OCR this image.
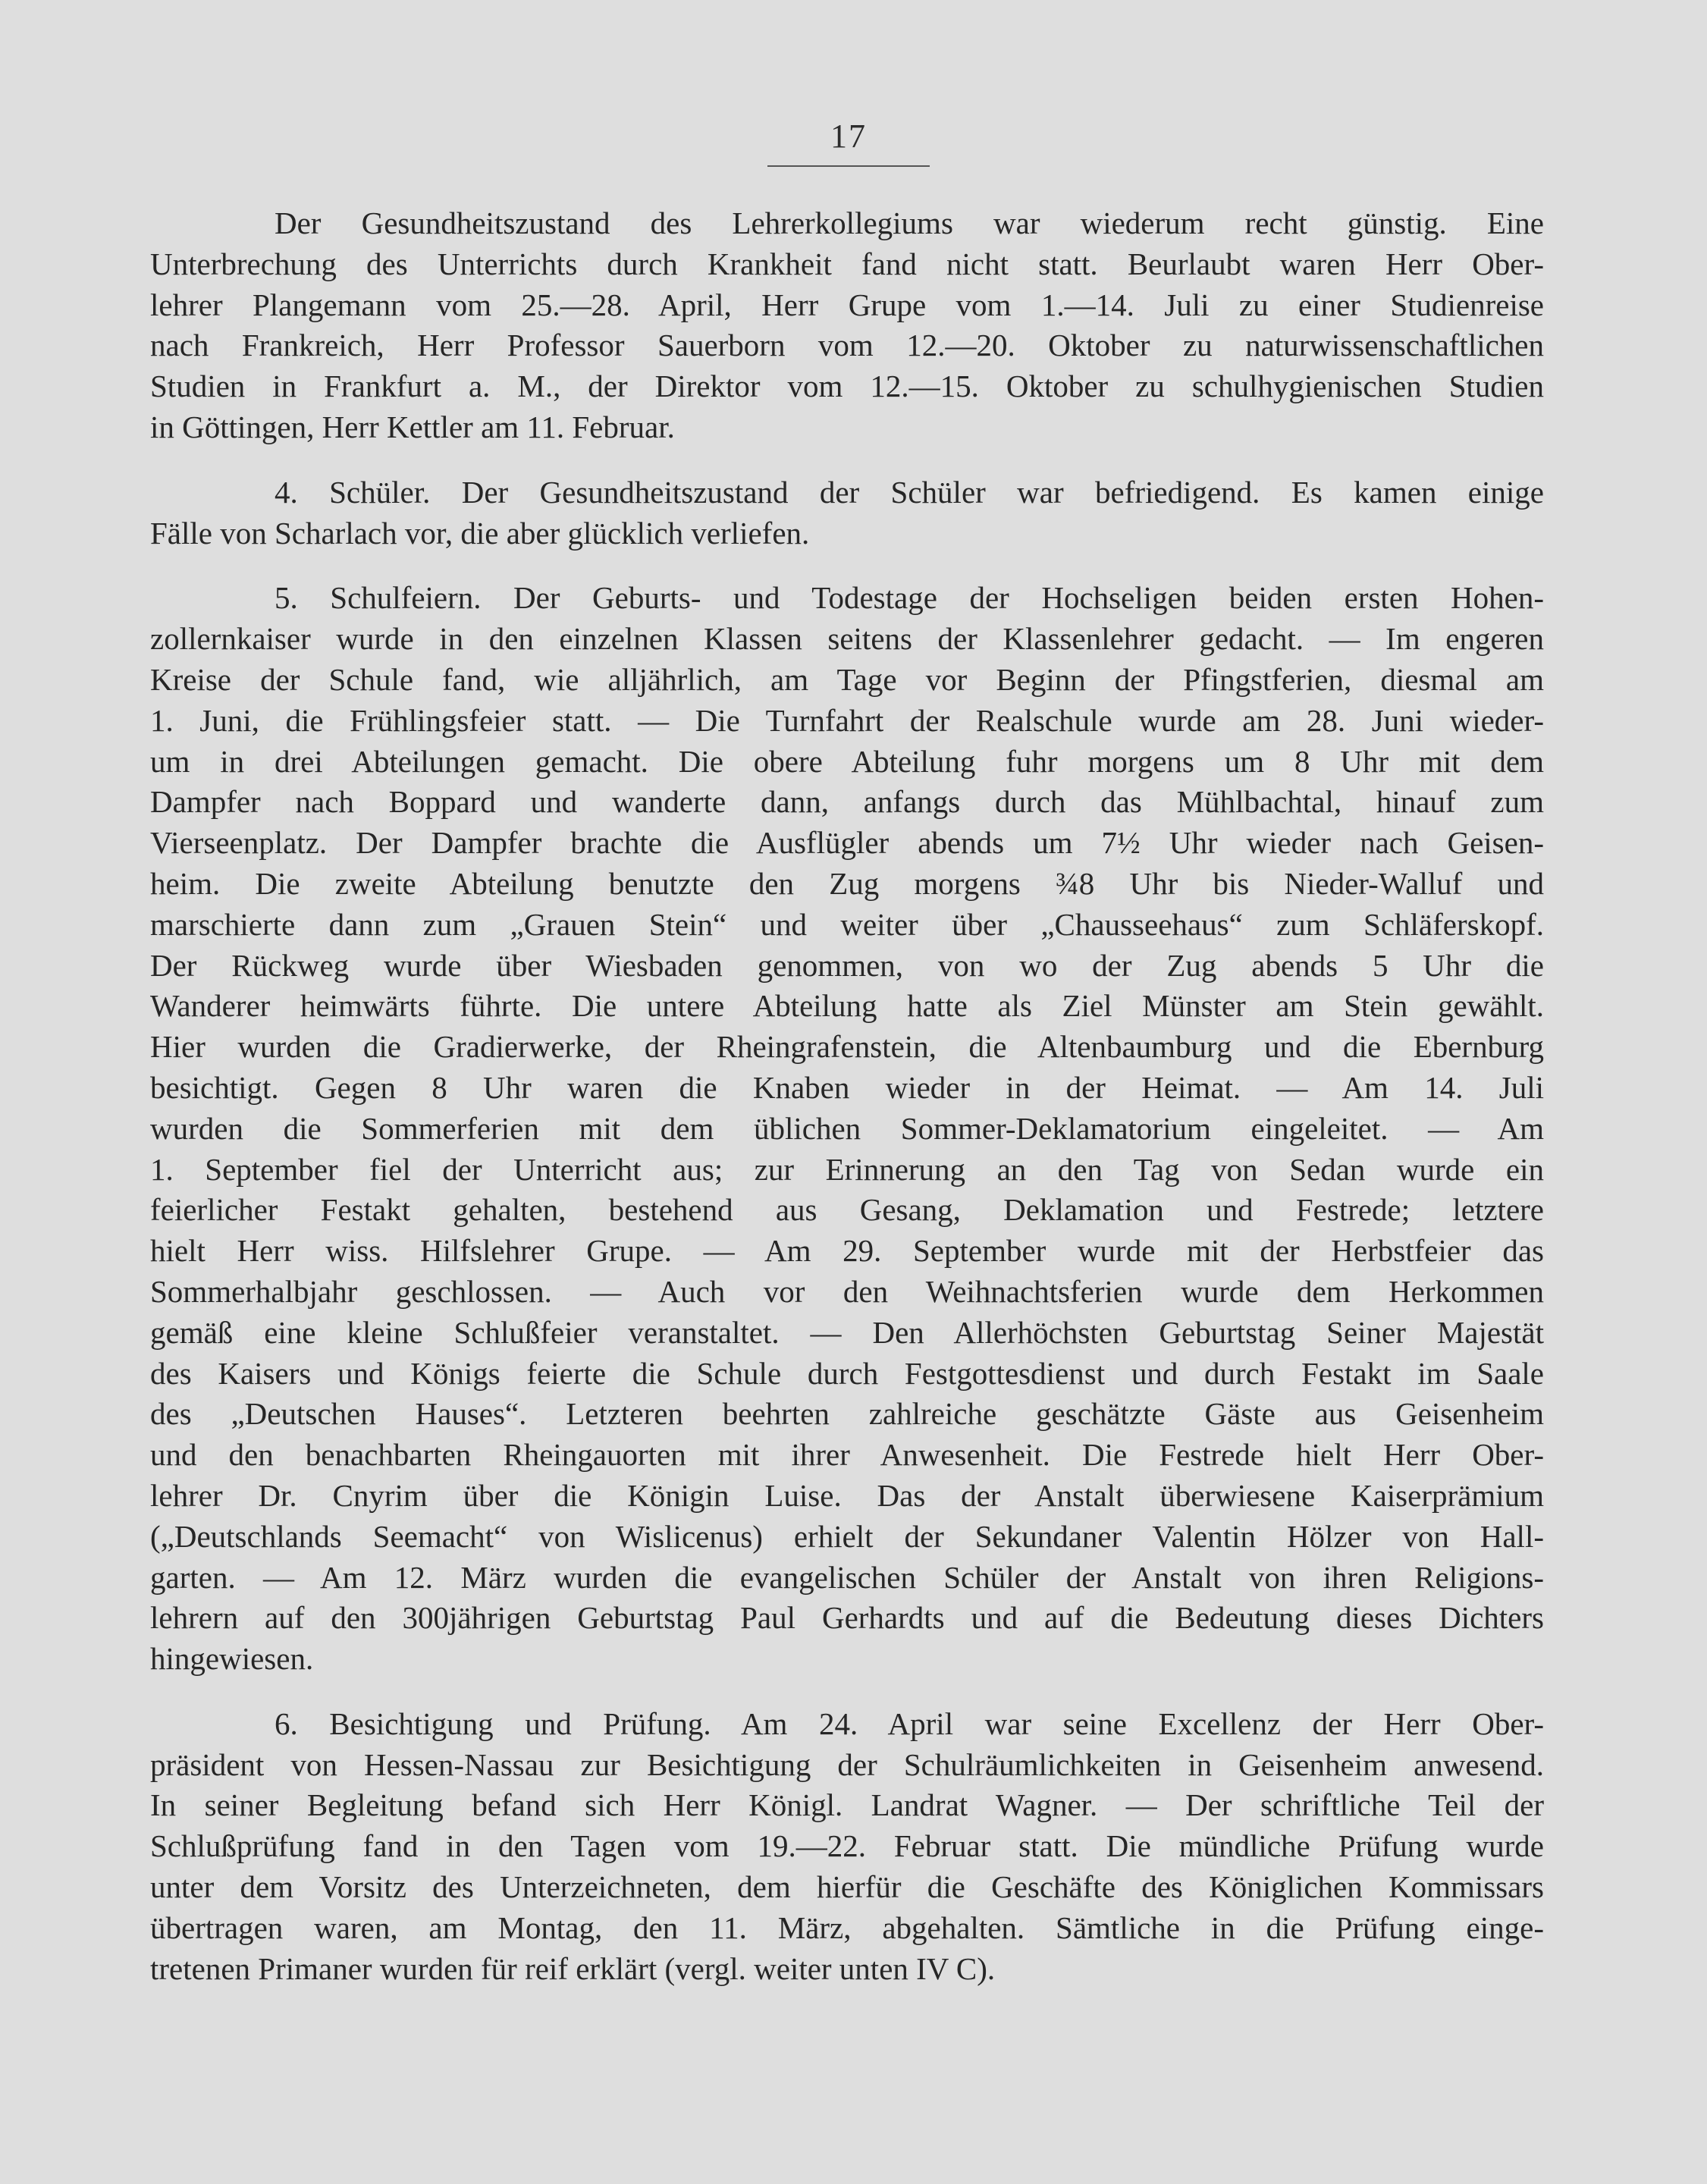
17
Der Gesundheitszustand des Lehrerkollegiums war wiederum recht günstig. Eine
Unterbrechung des Unterrichts durch Krankheit fand nicht statt. Beurlaubt waren Herr Ober-
lehrer Plangemann vom 25.—28. April, Herr Grupe vom 1.—14. Juli zu einer Studienreise
nach Frankreich, Herr Professor Sauerborn vom 12.—20. Oktober zu naturwissenschaftlichen
Studien in Frankfurt a. M., der Direktor vom 12.—15. Oktober zu schulhygienischen Studien
in Göttingen, Herr Kettler am 11. Februar.
4. Schüler. Der Gesundheitszustand der Schüler war befriedigend. Es kamen einige
Fälle von Scharlach vor, die aber glücklich verliefen.
5. Schulfeiern. Der Geburts- und Todestage der Hochseligen beiden ersten Hohen-
zollernkaiser wurde in den einzelnen Klassen seitens der Klassenlehrer gedacht. — Im engeren
Kreise der Schule fand, wie alljährlich, am Tage vor Beginn der Pfingstferien, diesmal am
1. Juni, die Frühlingsfeier statt. — Die Turnfahrt der Realschule wurde am 28. Juni wieder-
um in drei Abteilungen gemacht. Die obere Abteilung fuhr morgens um 8 Uhr mit dem
Dampfer nach Boppard und wanderte dann, anfangs durch das Mühlbachtal, hinauf zum
Vierseenplatz. Der Dampfer brachte die Ausflügler abends um 7½ Uhr wieder nach Geisen-
heim. Die zweite Abteilung benutzte den Zug morgens ¾8 Uhr bis Nieder-Walluf und
marschierte dann zum „Grauen Stein“ und weiter über „Chausseehaus“ zum Schläferskopf.
Der Rückweg wurde über Wiesbaden genommen, von wo der Zug abends 5 Uhr die
Wanderer heimwärts führte. Die untere Abteilung hatte als Ziel Münster am Stein gewählt.
Hier wurden die Gradierwerke, der Rheingrafenstein, die Altenbaumburg und die Ebernburg
besichtigt. Gegen 8 Uhr waren die Knaben wieder in der Heimat. — Am 14. Juli
wurden die Sommerferien mit dem üblichen Sommer-Deklamatorium eingeleitet. — Am
1. September fiel der Unterricht aus; zur Erinnerung an den Tag von Sedan wurde ein
feierlicher Festakt gehalten, bestehend aus Gesang, Deklamation und Festrede; letztere
hielt Herr wiss. Hilfslehrer Grupe. — Am 29. September wurde mit der Herbstfeier das
Sommerhalbjahr geschlossen. — Auch vor den Weihnachtsferien wurde dem Herkommen
gemäß eine kleine Schlußfeier veranstaltet. — Den Allerhöchsten Geburtstag Seiner Majestät
des Kaisers und Königs feierte die Schule durch Festgottesdienst und durch Festakt im Saale
des „Deutschen Hauses“. Letzteren beehrten zahlreiche geschätzte Gäste aus Geisenheim
und den benachbarten Rheingauorten mit ihrer Anwesenheit. Die Festrede hielt Herr Ober-
lehrer Dr. Cnyrim über die Königin Luise. Das der Anstalt überwiesene Kaiserprämium
(„Deutschlands Seemacht“ von Wislicenus) erhielt der Sekundaner Valentin Hölzer von Hall-
garten. — Am 12. März wurden die evangelischen Schüler der Anstalt von ihren Religions-
lehrern auf den 300jährigen Geburtstag Paul Gerhardts und auf die Bedeutung dieses Dichters
hingewiesen.
6. Besichtigung und Prüfung. Am 24. April war seine Excellenz der Herr Ober-
präsident von Hessen-Nassau zur Besichtigung der Schulräumlichkeiten in Geisenheim anwesend.
In seiner Begleitung befand sich Herr Königl. Landrat Wagner. — Der schriftliche Teil der
Schlußprüfung fand in den Tagen vom 19.—22. Februar statt. Die mündliche Prüfung wurde
unter dem Vorsitz des Unterzeichneten, dem hierfür die Geschäfte des Königlichen Kommissars
übertragen waren, am Montag, den 11. März, abgehalten. Sämtliche in die Prüfung einge-
tretenen Primaner wurden für reif erklärt (vergl. weiter unten IV C).
